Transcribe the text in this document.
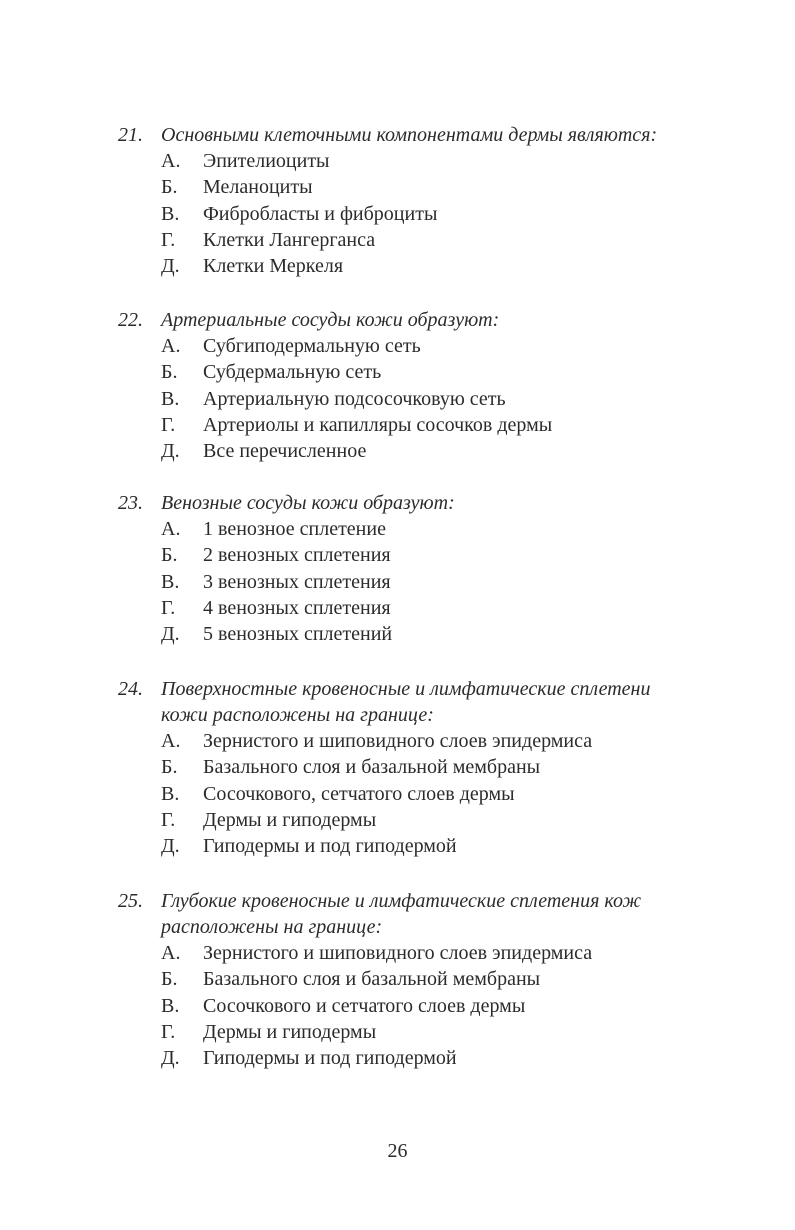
21. Основными клеточными компонентами дермы являются:
А. Эпителиоциты
Б. Меланоциты
В. Фибробласты и фиброциты
Г. Клетки Лангерганса
Д. Клетки Меркеля
22. Артериальные сосуды кожи образуют:
А. Субгиподермальную сеть
Б. Субдермальную сеть
В. Артериальную подсосочковую сеть
Г. Артериолы и капилляры сосочков дермы
Д. Все перечисленное
23. Венозные сосуды кожи образуют:
А. 1 венозное сплетение
Б. 2 венозных сплетения
В. 3 венозных сплетения
Г. 4 венозных сплетения
Д. 5 венозных сплетений
24. Поверхностные кровеносные и лимфатические сплетени
кожи расположены на границе:
А. Зернистого и шиповидного слоев эпидермиса
Б. Базального слоя и базальной мембраны
В. Сосочкового, сетчатого слоев дермы
Г. Дермы и гиподермы
Д. Гиподермы и под гиподермой
25. Глубокие кровеносные и лимфатические сплетения кож
расположены на границе:
А. Зернистого и шиповидного слоев эпидермиса
Б. Базального слоя и базальной мембраны
В. Сосочкового и сетчатого слоев дермы
Г. Дермы и гиподермы
Д. Гиподермы и под гиподермой
26
